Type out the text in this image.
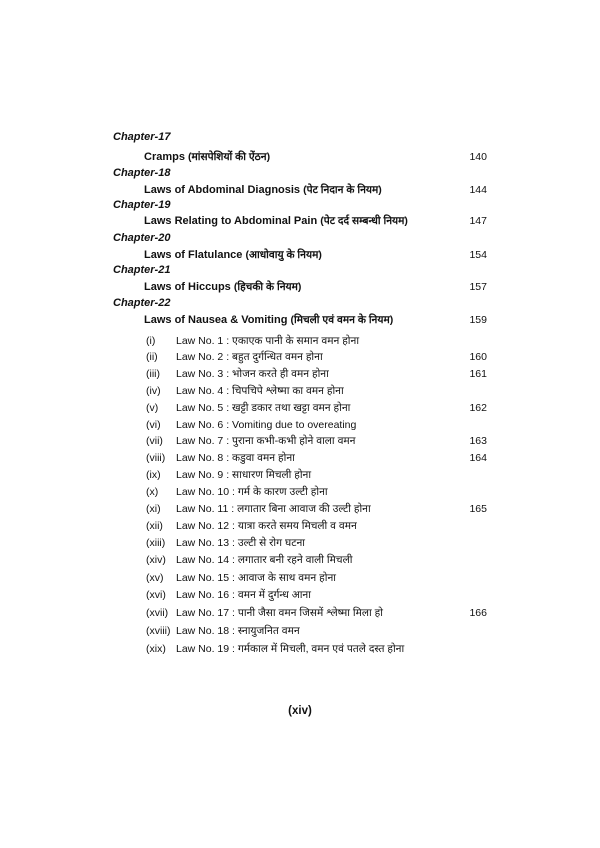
Chapter-17
Cramps (मांसपेशियों की ऐंठन)	140
Chapter-18
Laws of Abdominal Diagnosis (पेट निदान के नियम)	144
Chapter-19
Laws Relating to Abdominal Pain (पेट दर्द सम्बन्धी नियम)	147
Chapter-20
Laws of Flatulance (आधोवायु के नियम)	154
Chapter-21
Laws of Hiccups (हिचकी के नियम)	157
Chapter-22
Laws of Nausea & Vomiting (मिचली एवं वमन के नियम)	159
(i)	Law No. 1 : एकाएक पानी के समान वमन होना
(ii)	Law No. 2 : बहुत दुर्गन्धित वमन होना	160
(iii)	Law No. 3 : भोजन करते ही वमन होना	161
(iv)	Law No. 4 : चिपचिपे श्लेष्मा का वमन होना
(v)	Law No. 5 : खट्टी डकार तथा खट्टा वमन होना	162
(vi)	Law No. 6 : Vomiting due to overeating
(vii)	Law No. 7 : पुराना कभी-कभी होने वाला वमन	163
(viii)	Law No. 8 : कडुवा वमन होना	164
(ix)	Law No. 9 : साधारण मिचली होना
(x)	Law No. 10 : गर्म के कारण उल्टी होना
(xi)	Law No. 11 : लगातार बिना आवाज की उल्टी होना	165
(xii)	Law No. 12 : यात्रा करते समय मिचली व वमन
(xiii)	Law No. 13 : उल्टी से रोग घटना
(xiv) Law No. 14 : लगातार बनी रहने वाली मिचली
(xv)	Law No. 15 : आवाज के साथ वमन होना
(xvi) Law No. 16 : वमन में दुर्गन्ध आना
(xvii) Law No. 17 : पानी जैसा वमन जिसमें श्लेष्मा मिला हो	166
(xviii) Law No. 18 : स्नायुजनित वमन
(xix) Law No. 19 : गर्मकाल में मिचली, वमन एवं पतले दस्त होना
(xiv)
